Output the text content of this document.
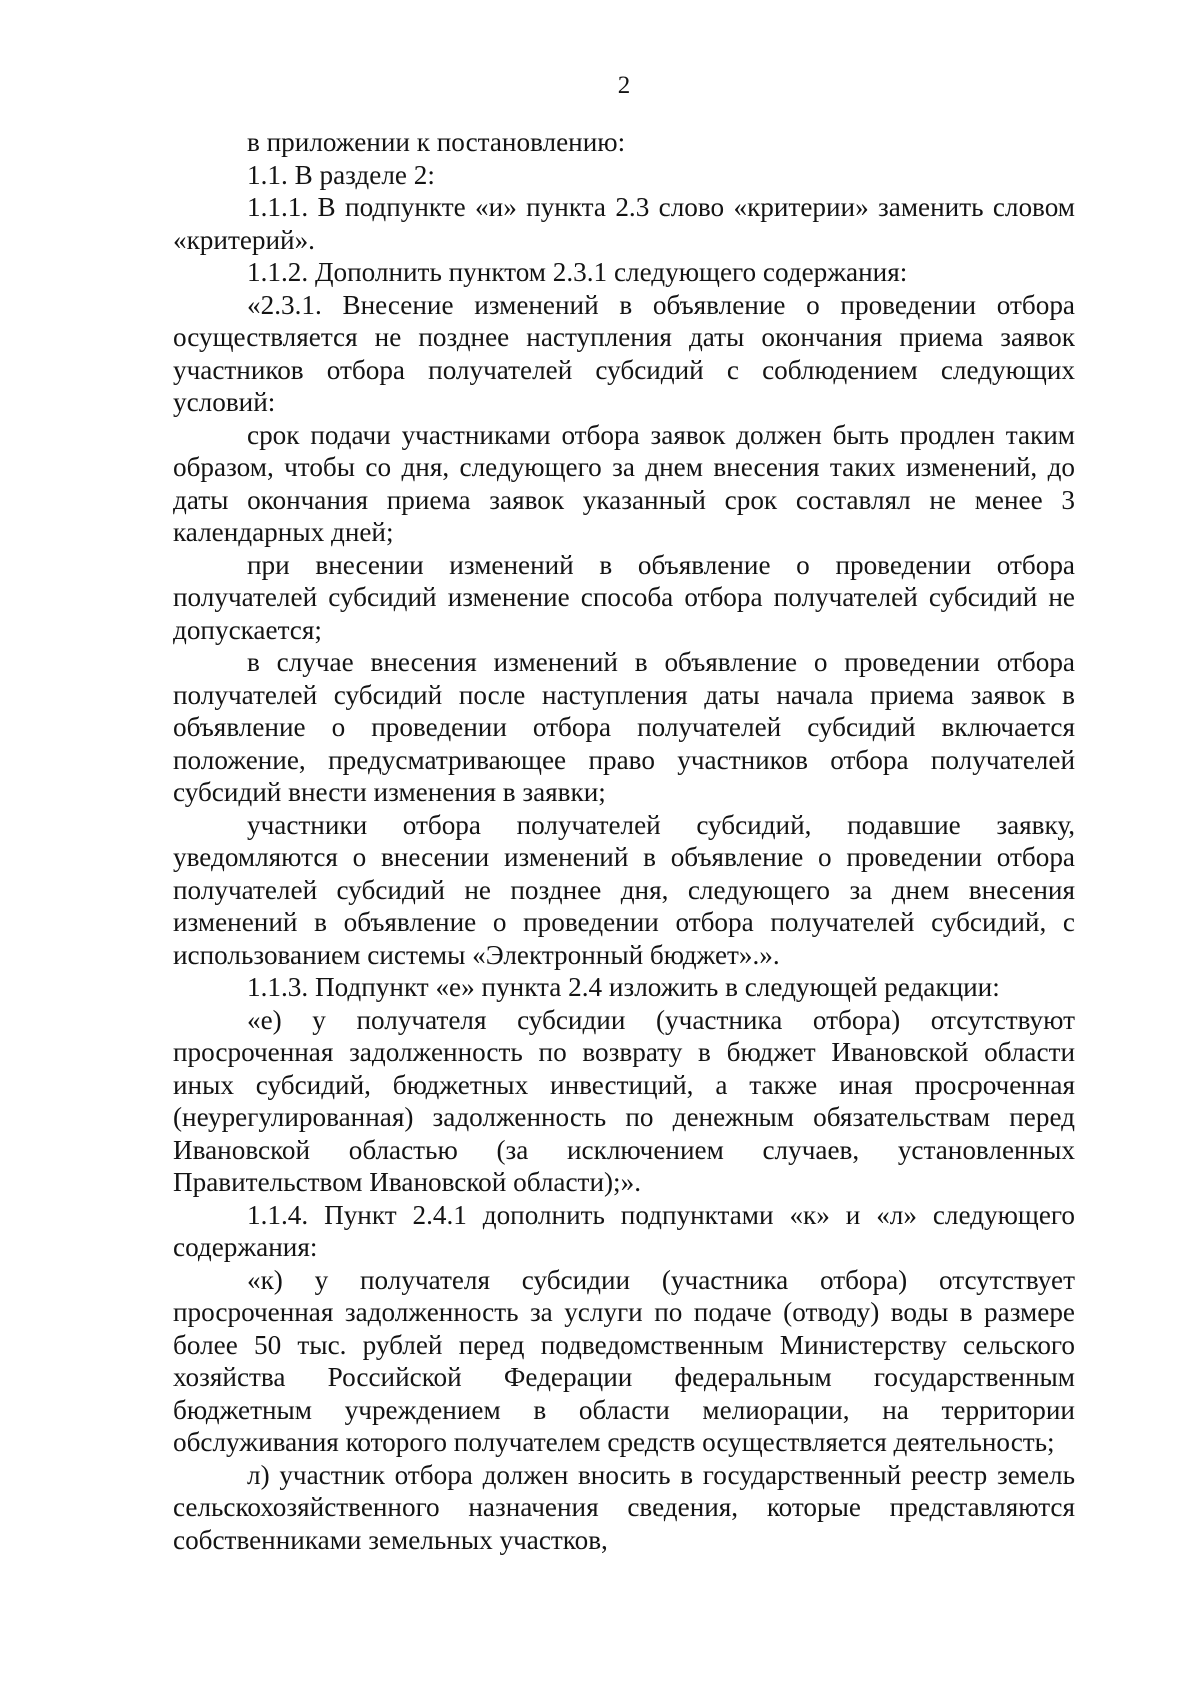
2

в приложении к постановлению:

1.1. В разделе 2:

1.1.1. В подпункте «и» пункта 2.3 слово «критерии» заменить словом «критерий».

1.1.2. Дополнить пунктом 2.3.1 следующего содержания:

«2.3.1. Внесение изменений в объявление о проведении отбора осуществляется не позднее наступления даты окончания приема заявок участников отбора получателей субсидий с соблюдением следующих условий:

срок подачи участниками отбора заявок должен быть продлен таким образом, чтобы со дня, следующего за днем внесения таких изменений, до даты окончания приема заявок указанный срок составлял не менее 3 календарных дней;

при внесении изменений в объявление о проведении отбора получателей субсидий изменение способа отбора получателей субсидий не допускается;

в случае внесения изменений в объявление о проведении отбора получателей субсидий после наступления даты начала приема заявок в объявление о проведении отбора получателей субсидий включается положение, предусматривающее право участников отбора получателей субсидий внести изменения в заявки;

участники отбора получателей субсидий, подавшие заявку, уведомляются о внесении изменений в объявление о проведении отбора получателей субсидий не позднее дня, следующего за днем внесения изменений в объявление о проведении отбора получателей субсидий, с использованием системы «Электронный бюджет».».

1.1.3. Подпункт «е» пункта 2.4 изложить в следующей редакции:

«е) у получателя субсидии (участника отбора) отсутствуют просроченная задолженность по возврату в бюджет Ивановской области иных субсидий, бюджетных инвестиций, а также иная просроченная (неурегулированная) задолженность по денежным обязательствам перед Ивановской областью (за исключением случаев, установленных Правительством Ивановской области);».

1.1.4. Пункт 2.4.1 дополнить подпунктами «к» и «л» следующего содержания:

«к) у получателя субсидии (участника отбора) отсутствует просроченная задолженность за услуги по подаче (отводу) воды в размере более 50 тыс. рублей перед подведомственным Министерству сельского хозяйства Российской Федерации федеральным государственным бюджетным учреждением в области мелиорации, на территории обслуживания которого получателем средств осуществляется деятельность;

л) участник отбора должен вносить в государственный реестр земель сельскохозяйственного назначения сведения, которые представляются собственниками земельных участков,
